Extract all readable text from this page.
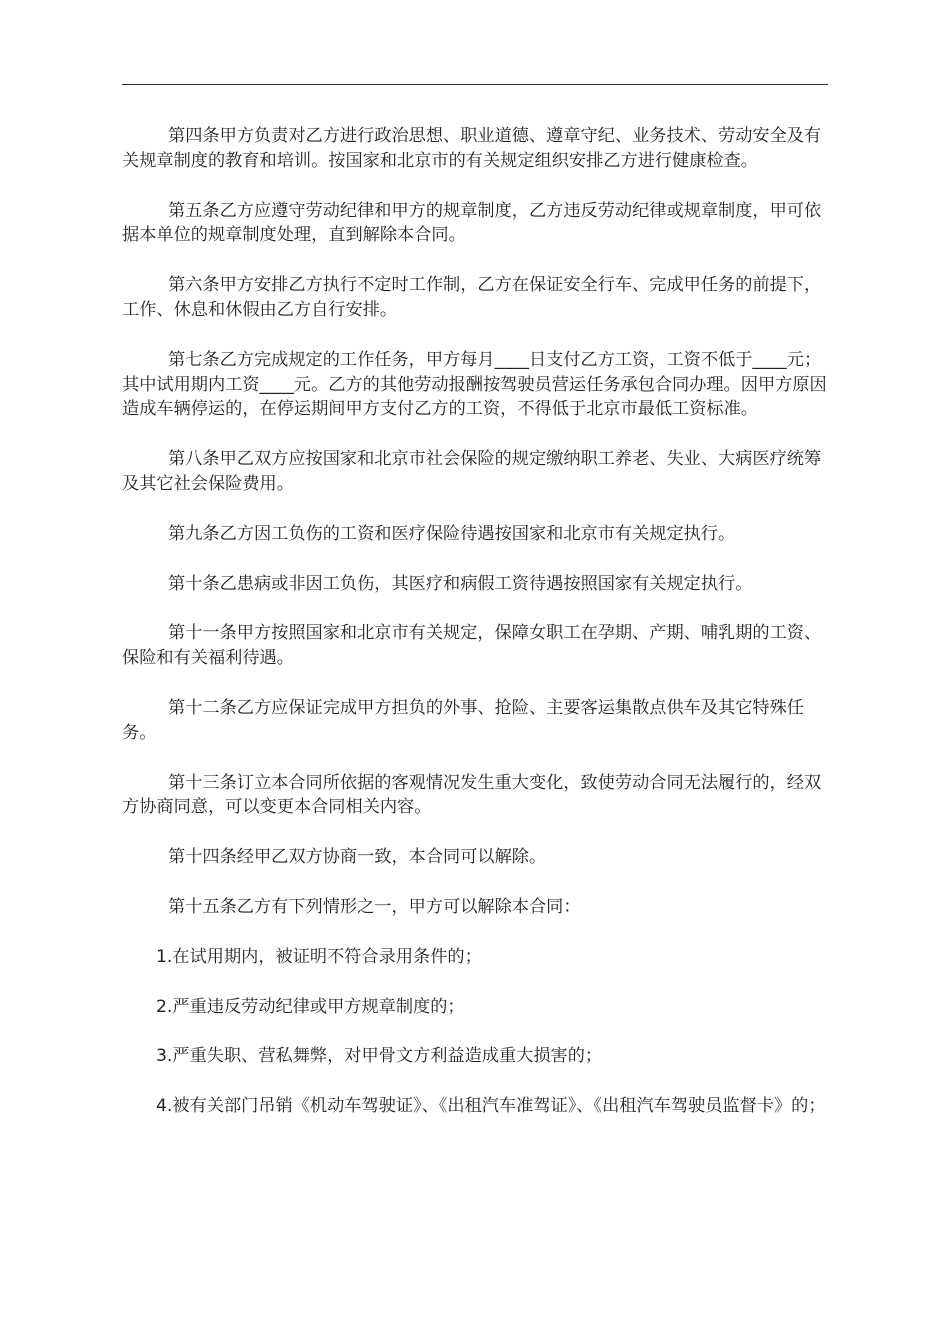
第四条甲方负责对乙方进行政治思想、职业道德、遵章守纪、业务技术、劳动安全及有关规章制度的教育和培训。按国家和北京市的有关规定组织安排乙方进行健康检查。

第五条乙方应遵守劳动纪律和甲方的规章制度，乙方违反劳动纪律或规章制度，甲可依据本单位的规章制度处理，直到解除本合同。

第六条甲方安排乙方执行不定时工作制，乙方在保证安全行车、完成甲任务的前提下，工作、休息和休假由乙方自行安排。

第七条乙方完成规定的工作任务，甲方每月____日支付乙方工资，工资不低于____元；其中试用期内工资____元。乙方的其他劳动报酬按驾驶员营运任务承包合同办理。因甲方原因造成车辆停运的，在停运期间甲方支付乙方的工资，不得低于北京市最低工资标准。

第八条甲乙双方应按国家和北京市社会保险的规定缴纳职工养老、失业、大病医疗统筹及其它社会保险费用。

第九条乙方因工负伤的工资和医疗保险待遇按国家和北京市有关规定执行。

第十条乙患病或非因工负伤，其医疗和病假工资待遇按照国家有关规定执行。

第十一条甲方按照国家和北京市有关规定，保障女职工在孕期、产期、哺乳期的工资、保险和有关福利待遇。

第十二条乙方应保证完成甲方担负的外事、抢险、主要客运集散点供车及其它特殊任务。

第十三条订立本合同所依据的客观情况发生重大变化，致使劳动合同无法履行的，经双方协商同意，可以变更本合同相关内容。

第十四条经甲乙双方协商一致，本合同可以解除。

第十五条乙方有下列情形之一，甲方可以解除本合同：

1.在试用期内，被证明不符合录用条件的；

2.严重违反劳动纪律或甲方规章制度的；

3.严重失职、营私舞弊，对甲骨文方利益造成重大损害的；

4.被有关部门吊销《机动车驾驶证》、《出租汽车准驾证》、《出租汽车驾驶员监督卡》的；
